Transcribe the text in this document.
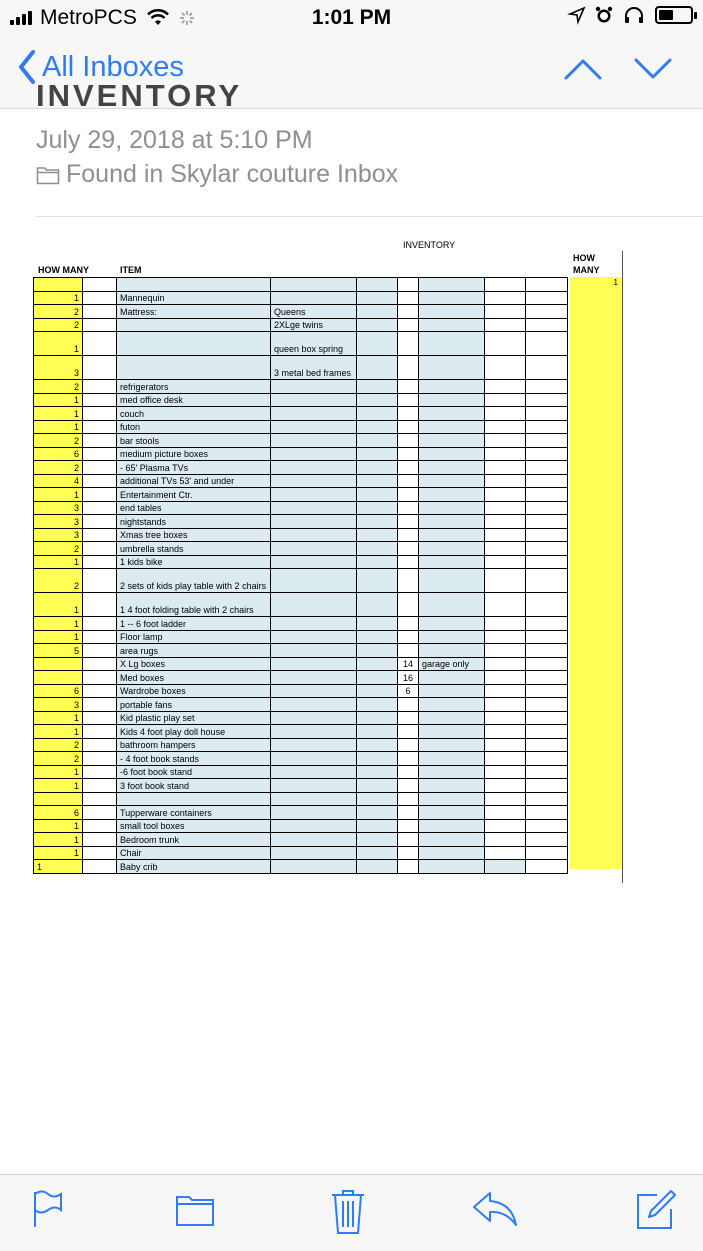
MetroPCS	1:01 PM
All Inboxes
INVENTORY
July 29, 2018 at 5:10 PM
Found in Skylar couture Inbox
INVENTORY
HOW MANY	ITEM
HOW
MANY
1

1		Mannequin						
2		Mattress:	Queens					
2			2XLge twins					
1			queen box spring					
3			3 metal bed frames					
2		refrigerators						
1		med office desk						
1		couch						
1		futon						
2		bar stools						
6		medium picture boxes						
2		- 65' Plasma TVs						
4		additional TVs 53' and under						
1		Entertainment Ctr.						
3		end tables						
3		nightstands						
3		Xmas tree boxes						
2		umbrella stands						
1		1 kids bike						
2		2 sets of kids play table with 2 chairs						
1		1 4 foot folding table with 2 chairs						
1		1 -- 6 foot ladder						
1		Floor lamp						
5		area rugs						
		X Lg boxes			14	garage only		
		Med boxes			16			
6		Wardrobe boxes			6			
3		portable fans						
1		Kid plastic play set						
1		Kids 4 foot play doll house						
2		bathroom hampers						
2		- 4 foot book stands						
1		-6 foot book stand						
1		3 foot book stand						

6		Tupperware containers						
1		small tool boxes						
1		Bedroom trunk						
1		Chair						
1		Baby crib						
